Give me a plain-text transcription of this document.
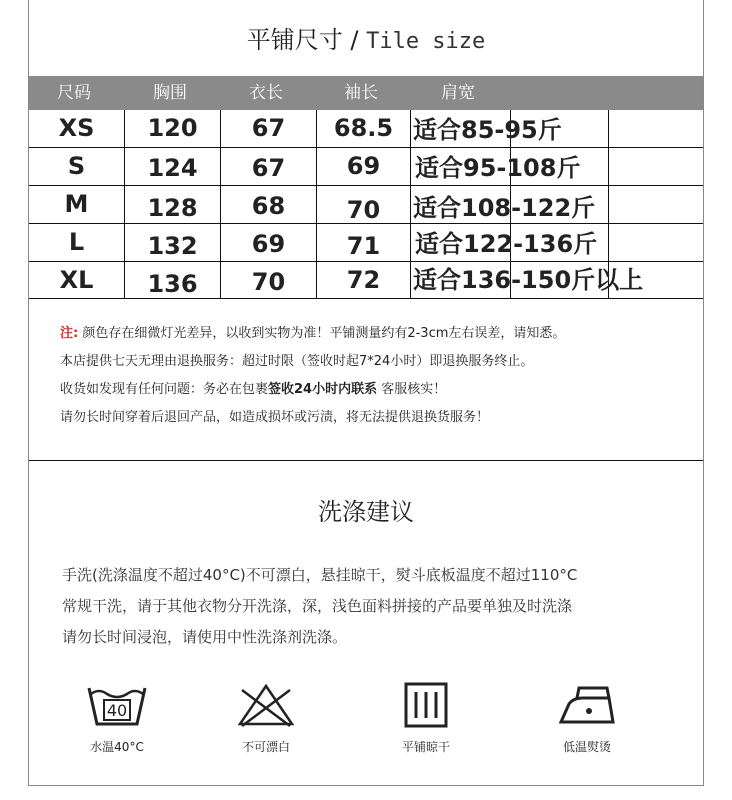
平铺尺寸 / Tile size
尺码	胸围	衣长	袖长	肩宽
XS	120	67	68.5 适合85-95斤
S	124	67	69	适合95-108斤
M	128	68	70	适合108-122斤
L	132	69	71	适合122-136斤
XL	136	70	72	适合136-150斤以上
注: 颜色存在细微灯光差异，以收到实物为准！平铺测量约有2-3cm左右误差，请知悉。
本店提供七天无理由退换服务：超过时限（签收时起7*24小时）即退换服务终止。
收货如发现有任何问题：务必在包裹签收24小时内联系 客服核实！
请勿长时间穿着后退回产品，如造成损坏或污渍，将无法提供退换货服务！
洗涤建议
手洗(洗涤温度不超过40°C)不可漂白，悬挂晾干，熨斗底板温度不超过110°C
常规干洗，请于其他衣物分开洗涤，深，浅色面料拼接的产品要单独及时洗涤
请勿长时间浸泡，请使用中性洗涤剂洗涤。
40
水温40°C	不可漂白	平铺晾干	低温熨烫
